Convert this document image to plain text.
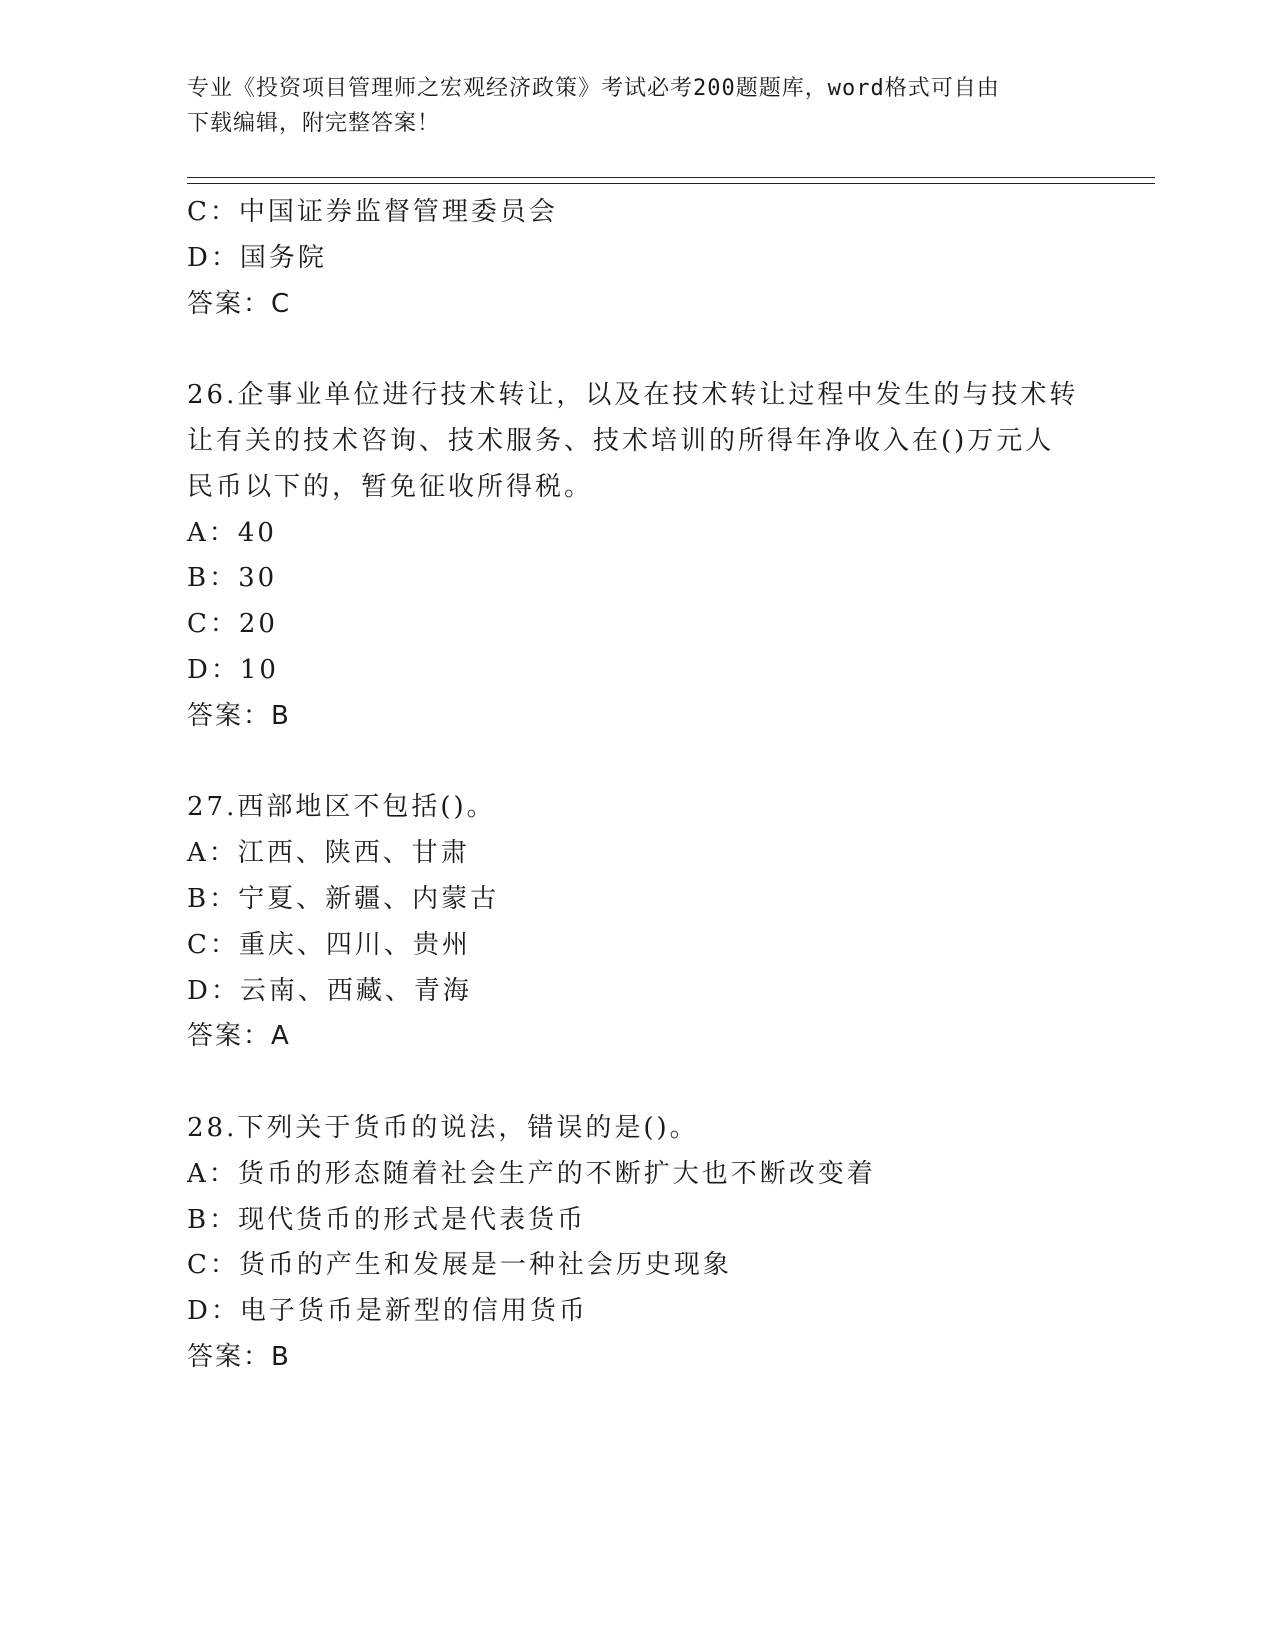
专业《投资项目管理师之宏观经济政策》考试必考200题题库，word格式可自由
下载编辑，附完整答案！
C：中国证券监督管理委员会
D：国务院
答案：C
26.企事业单位进行技术转让，以及在技术转让过程中发生的与技术转
让有关的技术咨询、技术服务、技术培训的所得年净收入在()万元人
民币以下的，暂免征收所得税。
A：40
B：30
C：20
D：10
答案：B
27.西部地区不包括()。
A：江西、陕西、甘肃
B：宁夏、新疆、内蒙古
C：重庆、四川、贵州
D：云南、西藏、青海
答案：A
28.下列关于货币的说法，错误的是()。
A：货币的形态随着社会生产的不断扩大也不断改变着
B：现代货币的形式是代表货币
C：货币的产生和发展是一种社会历史现象
D：电子货币是新型的信用货币
答案：B
